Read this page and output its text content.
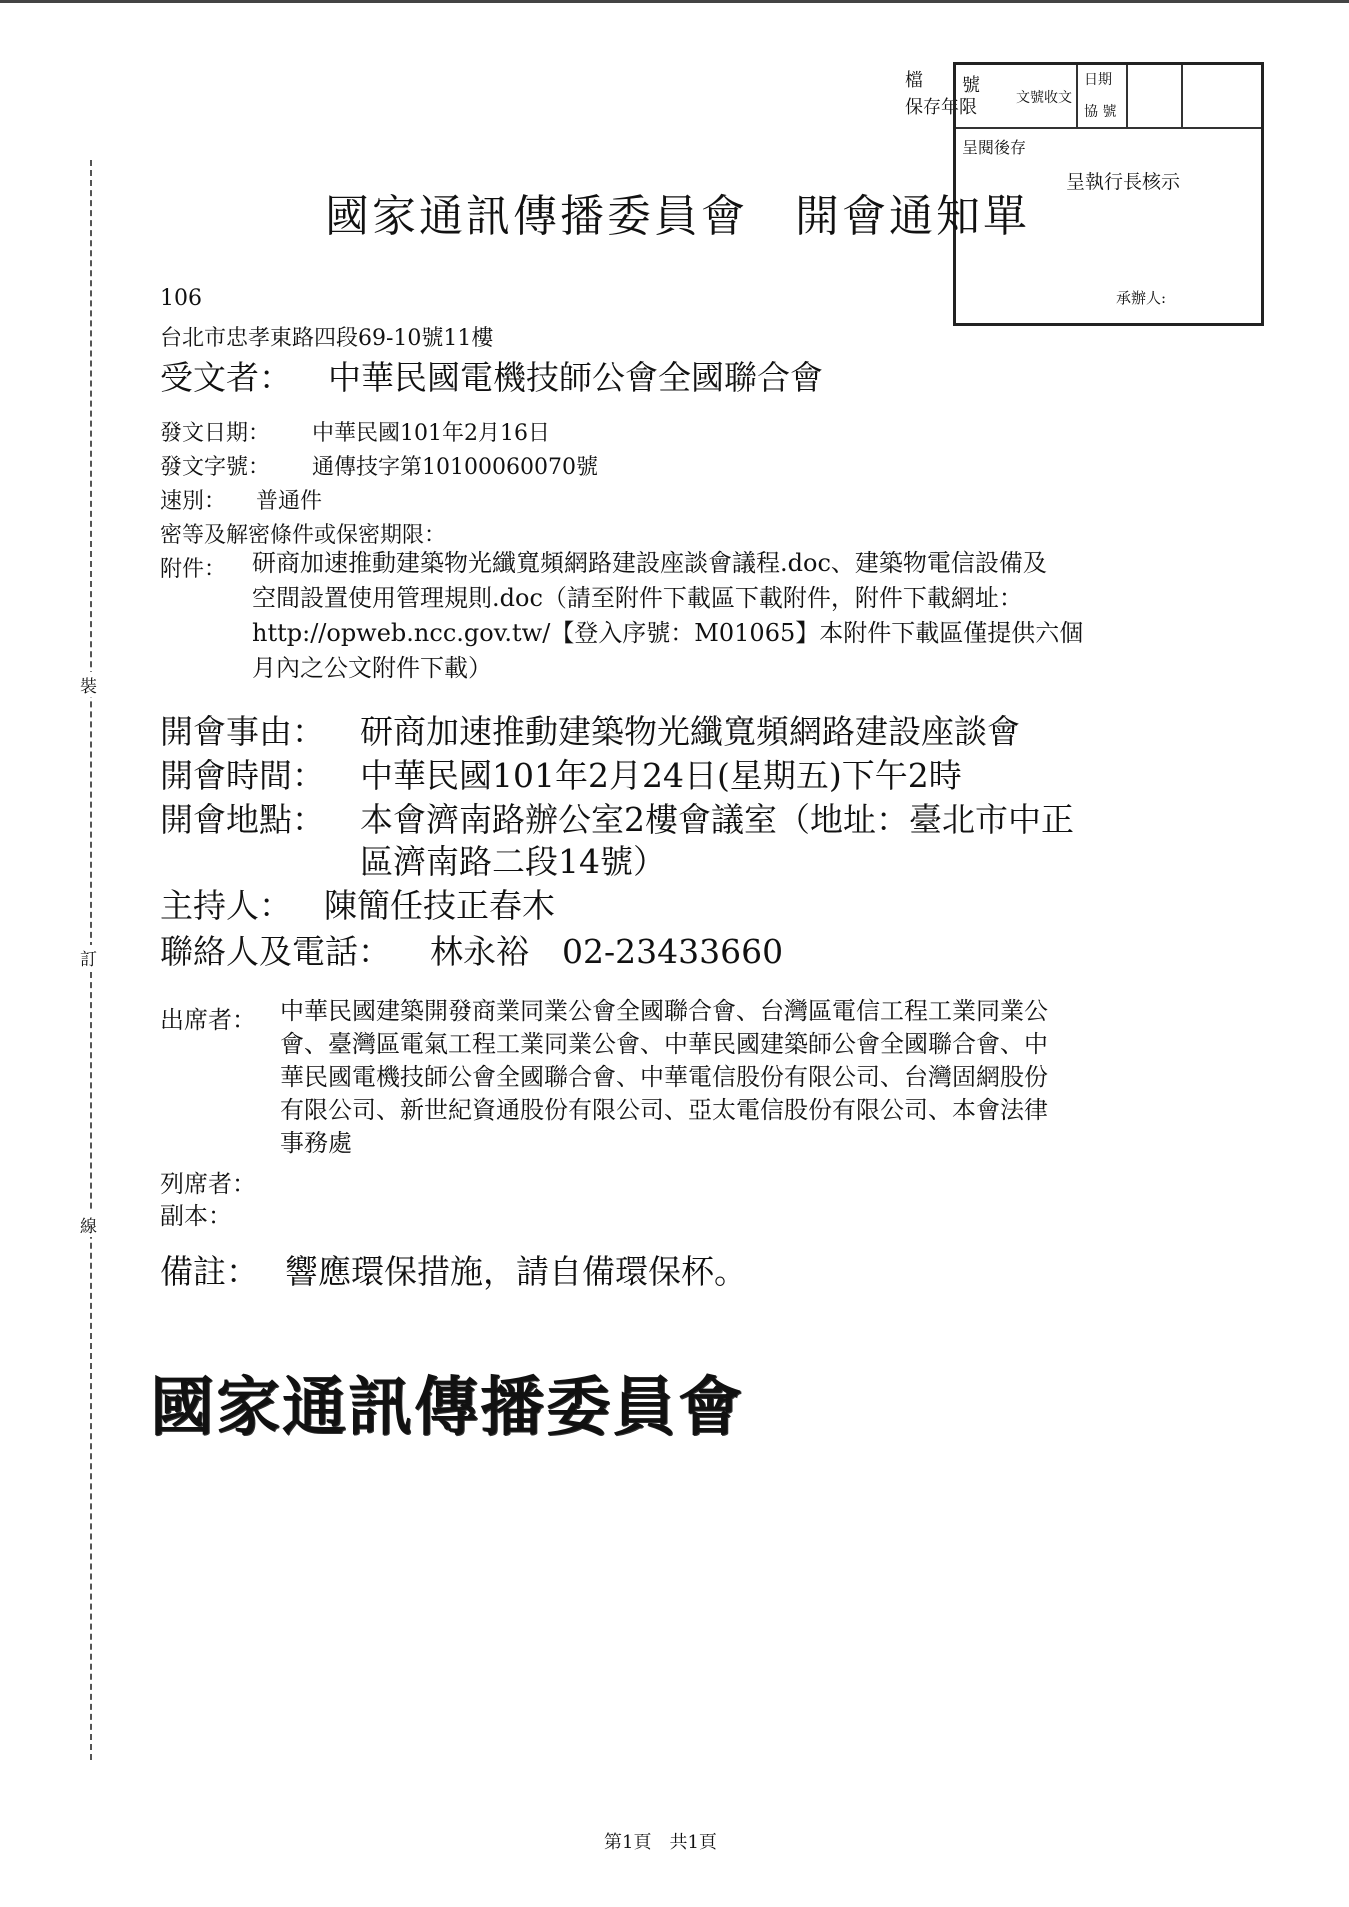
裝
訂
線
檔
保存年限
號
文號收文
日期
協 號
呈閱後存
呈執行長核示
承辦人:
國家通訊傳播委員會　開會通知單
106
台北市忠孝東路四段69-10號11樓
受文者： 中華民國電機技師公會全國聯合會
發文日期： 中華民國101年2月16日
發文字號： 通傳技字第10100060070號
速別： 普通件
密等及解密條件或保密期限：
附件： 研商加速推動建築物光纖寬頻網路建設座談會議程.doc、建築物電信設備及
空間設置使用管理規則.doc（請至附件下載區下載附件，附件下載網址：
http://opweb.ncc.gov.tw/【登入序號：M01065】本附件下載區僅提供六個
月內之公文附件下載）
開會事由： 研商加速推動建築物光纖寬頻網路建設座談會
開會時間： 中華民國101年2月24日(星期五)下午2時
開會地點： 本會濟南路辦公室2樓會議室（地址：臺北市中正
區濟南路二段14號）
主持人： 陳簡任技正春木
聯絡人及電話： 林永裕　02-23433660
出席者： 中華民國建築開發商業同業公會全國聯合會、台灣區電信工程工業同業公
會、臺灣區電氣工程工業同業公會、中華民國建築師公會全國聯合會、中
華民國電機技師公會全國聯合會、中華電信股份有限公司、台灣固網股份
有限公司、新世紀資通股份有限公司、亞太電信股份有限公司、本會法律
事務處
列席者：
副本：
備註： 響應環保措施，請自備環保杯。
國家通訊傳播委員會
第1頁　共1頁
